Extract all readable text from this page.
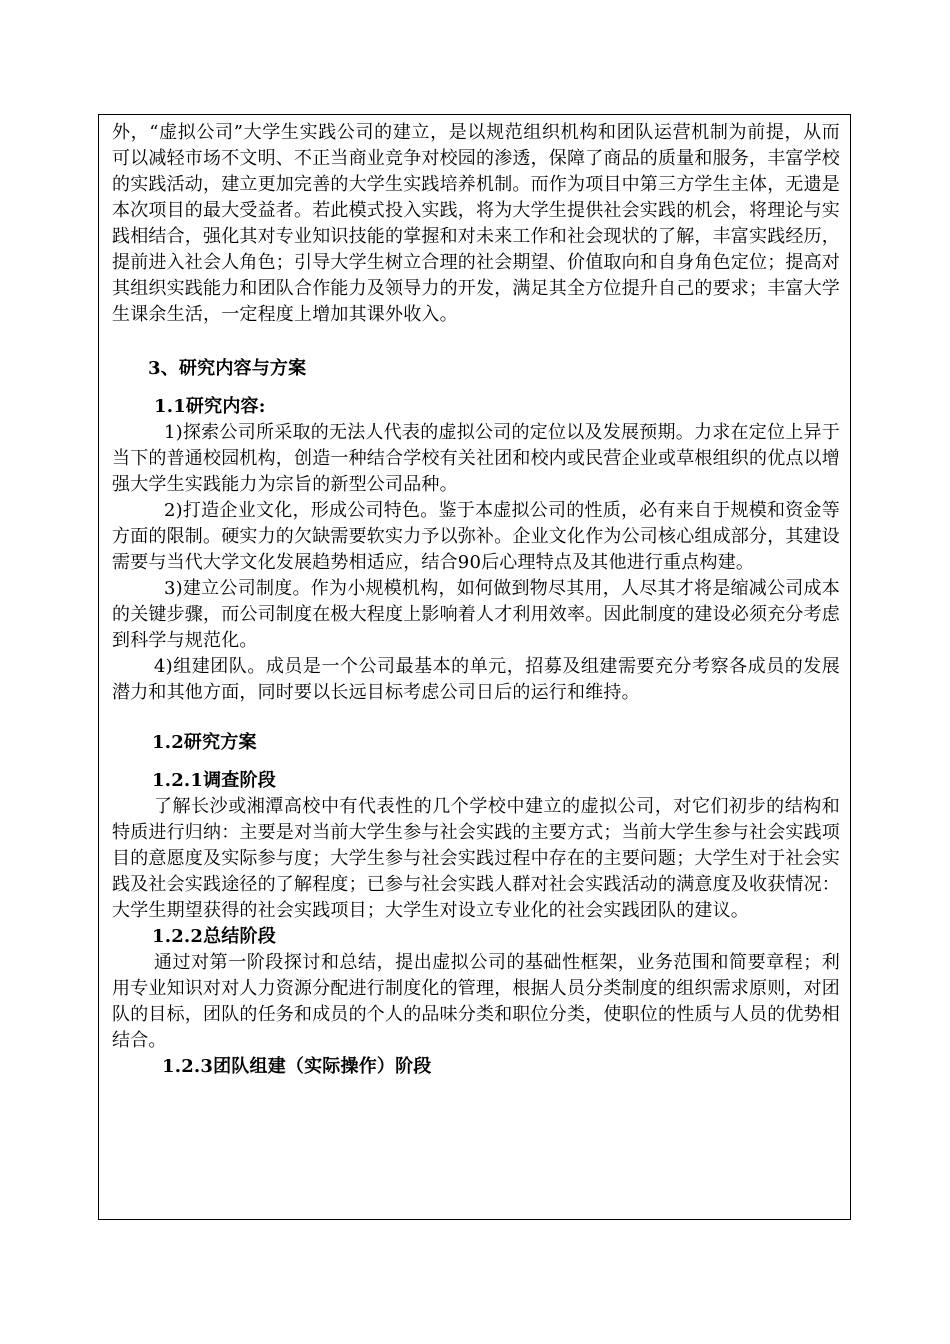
外，“虚拟公司”大学生实践公司的建立，是以规范组织机构和团队运营机制为前提，从而可以减轻市场不文明、不正当商业竞争对校园的渗透，保障了商品的质量和服务，丰富学校的实践活动，建立更加完善的大学生实践培养机制。而作为项目中第三方学生主体，无遗是本次项目的最大受益者。若此模式投入实践，将为大学生提供社会实践的机会，将理论与实践相结合，强化其对专业知识技能的掌握和对未来工作和社会现状的了解，丰富实践经历，提前进入社会人角色；引导大学生树立合理的社会期望、价值取向和自身角色定位；提高对其组织实践能力和团队合作能力及领导力的开发，满足其全方位提升自己的要求；丰富大学生课余生活，一定程度上增加其课外收入。

3、研究内容与方案

1.1研究内容:

1)探索公司所采取的无法人代表的虚拟公司的定位以及发展预期。力求在定位上异于当下的普通校园机构，创造一种结合学校有关社团和校内或民营企业或草根组织的优点以增强大学生实践能力为宗旨的新型公司品种。

2)打造企业文化，形成公司特色。鉴于本虚拟公司的性质，必有来自于规模和资金等方面的限制。硬实力的欠缺需要软实力予以弥补。企业文化作为公司核心组成部分，其建设需要与当代大学文化发展趋势相适应，结合90后心理特点及其他进行重点构建。

3)建立公司制度。作为小规模机构，如何做到物尽其用，人尽其才将是缩减公司成本的关键步骤，而公司制度在极大程度上影响着人才利用效率。因此制度的建设必须充分考虑到科学与规范化。

4)组建团队。成员是一个公司最基本的单元，招募及组建需要充分考察各成员的发展潜力和其他方面，同时要以长远目标考虑公司日后的运行和维持。

1.2研究方案

1.2.1调查阶段

了解长沙或湘潭高校中有代表性的几个学校中建立的虚拟公司，对它们初步的结构和特质进行归纳：主要是对当前大学生参与社会实践的主要方式；当前大学生参与社会实践项目的意愿度及实际参与度；大学生参与社会实践过程中存在的主要问题；大学生对于社会实践及社会实践途径的了解程度；已参与社会实践人群对社会实践活动的满意度及收获情况：大学生期望获得的社会实践项目；大学生对设立专业化的社会实践团队的建议。

1.2.2总结阶段

通过对第一阶段探讨和总结，提出虚拟公司的基础性框架，业务范围和简要章程；利用专业知识对对人力资源分配进行制度化的管理，根据人员分类制度的组织需求原则，对团队的目标，团队的任务和成员的个人的品味分类和职位分类，使职位的性质与人员的优势相结合。

1.2.3团队组建（实际操作）阶段
